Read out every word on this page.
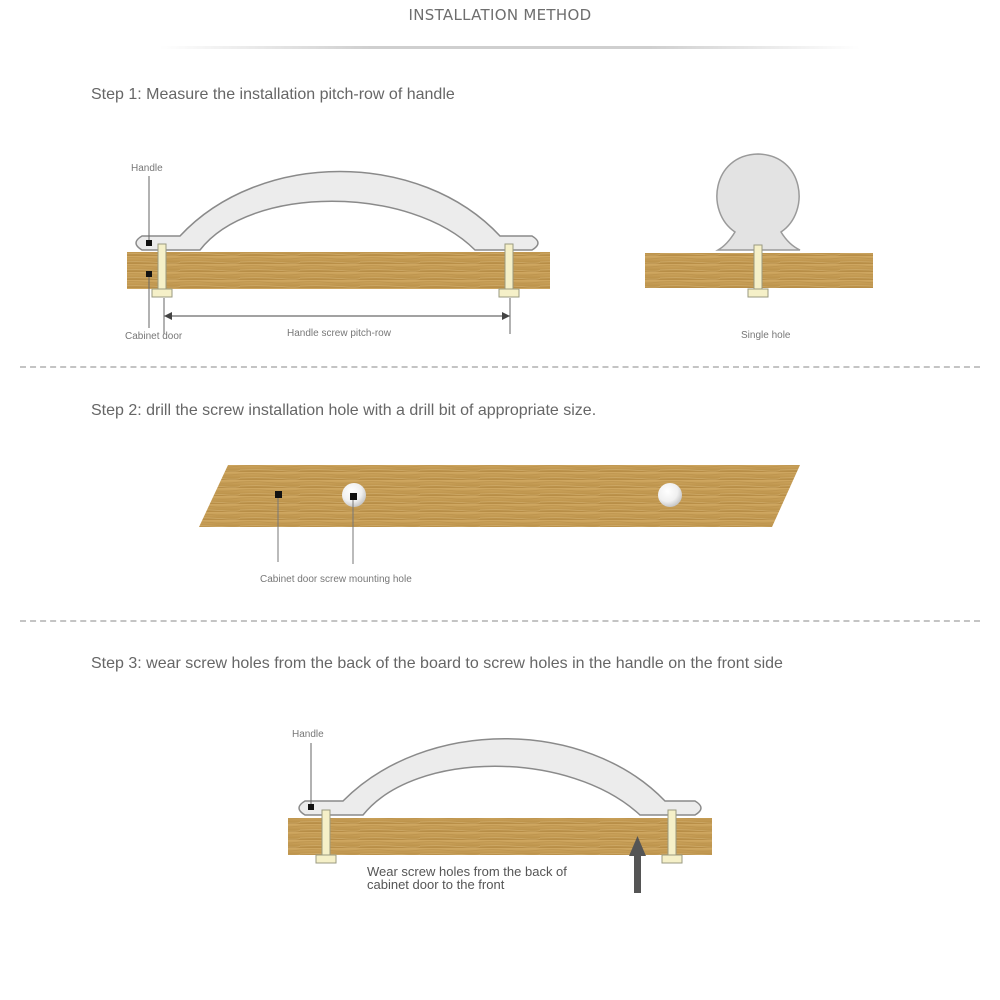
INSTALLATION METHOD
Step 1: Measure the installation pitch-row of handle
Step 2: drill the screw installation hole with a drill bit of appropriate size.
Step 3: wear screw holes from the back of the board to screw holes in the handle on the front side
Handle
Cabinet door	Handle screw pitch-row	Single hole
Cabinet door screw mounting hole
Handle
Wear screw holes from the back of
cabinet door to the front
